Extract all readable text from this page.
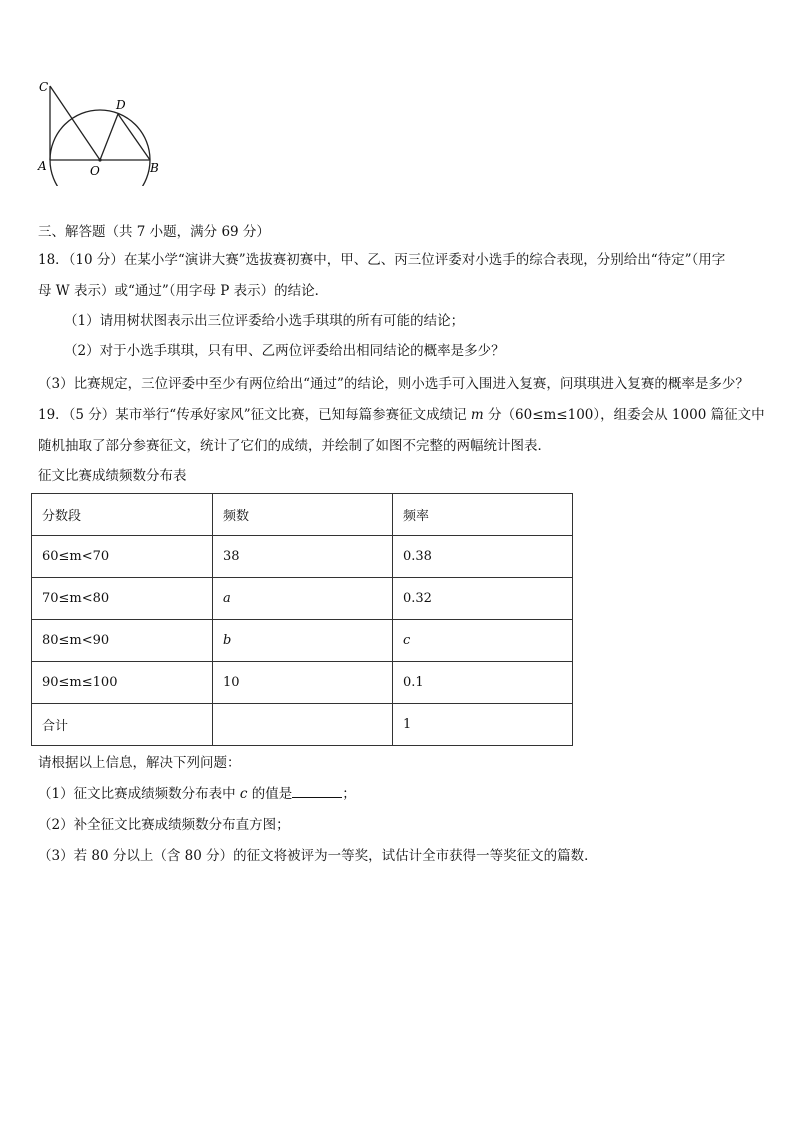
C
D
A	O	B
三、解答题（共 7 小题，满分 69 分）
18．（10 分）在某小学“演讲大赛”选拔赛初赛中，甲、乙、丙三位评委对小选手的综合表现，分别给出“待定”（用字
母 W 表示）或“通过”（用字母 P 表示）的结论．
（1）请用树状图表示出三位评委给小选手琪琪的所有可能的结论；
（2）对于小选手琪琪，只有甲、乙两位评委给出相同结论的概率是多少？
（3）比赛规定，三位评委中至少有两位给出“通过”的结论，则小选手可入围进入复赛，问琪琪进入复赛的概率是多少？
19．（5 分）某市举行“传承好家风”征文比赛，已知每篇参赛征文成绩记 m 分（60≤m≤100），组委会从 1000 篇征文中
随机抽取了部分参赛征文，统计了它们的成绩，并绘制了如图不完整的两幅统计图表．
征文比赛成绩频数分布表
分数段	频数	频率
60≤m<70	38	0.38
70≤m<80	a	0.32
80≤m<90	b	c
90≤m≤100	10	0.1
合计		1
请根据以上信息，解决下列问题：
（1）征文比赛成绩频数分布表中 c 的值是	；
（2）补全征文比赛成绩频数分布直方图；
（3）若 80 分以上（含 80 分）的征文将被评为一等奖，试估计全市获得一等奖征文的篇数．
